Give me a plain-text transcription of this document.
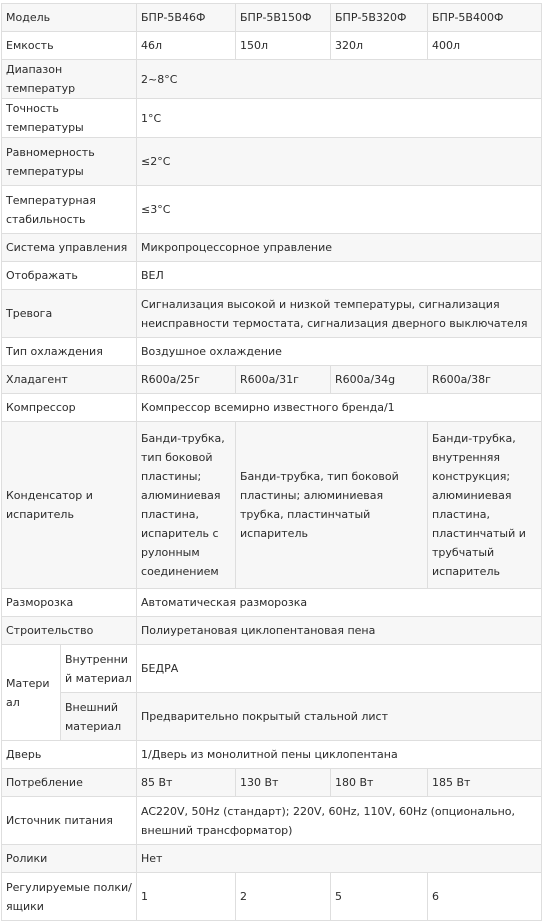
Модель		БПР-5В46Ф	БПР-5В150Ф	БПР-5В320Ф	БПР-5В400Ф
Емкость		46л	150л	320л	400л
Диапазон температур		2~8°C			
Точность температуры		1°C			
Равномерность температуры		≤2°C			
Температурная стабильность		≤3°C			
Система управления		Микропроцессорное управление			
Отображать		ВЕЛ			
Тревога		Сигнализация высокой и низкой температуры, сигнализация неисправности термостата, сигнализация дверного выключателя			
Тип охлаждения		Воздушное охлаждение			
Хладагент		R600a/25г	R600a/31г	R600a/34g	R600a/38г
Компрессор		Компрессор всемирно известного бренда/1			
Конденсатор и испаритель		Банди-трубка, тип боковой пластины; алюминиевая пластина, испаритель с рулонным соединением	Банди-трубка, тип боковой пластины; алюминиевая трубка, пластинчатый испаритель		Банди-трубка, внутренняя конструкция; алюминиевая пластина, пластинчатый и трубчатый испаритель
Разморозка		Автоматическая разморозка			
Строительство		Полиуретановая циклопентановая пена			
Материал	Внутренний материал	БЕДРА			
	Внешний материал	Предварительно покрытый стальной лист			
Дверь		1/Дверь из монолитной пены циклопентана			
Потребление		85 Вт	130 Вт	180 Вт	185 Вт
Источник питания		AC220V, 50Hz (стандарт); 220V, 60Hz, 110V, 60Hz (опционально, внешний трансформатор)			
Ролики		Нет			
Регулируемые полки/ящики		1	2	5	6
